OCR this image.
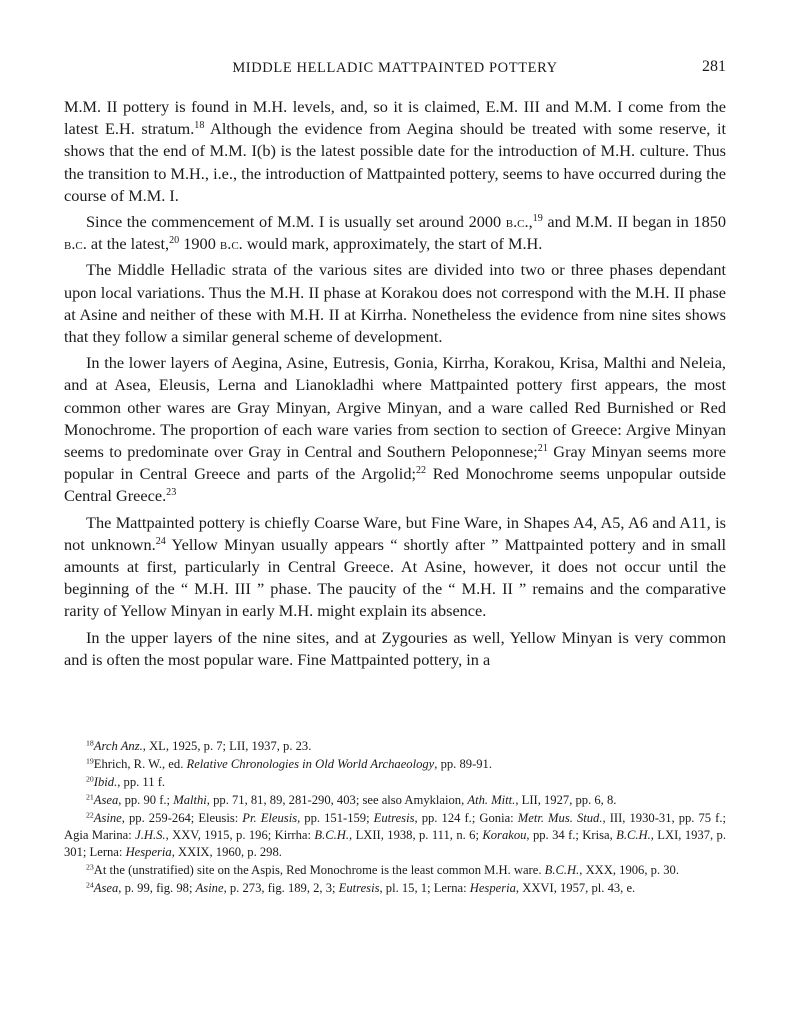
MIDDLE HELLADIC MATTPAINTED POTTERY	281

M.M. II pottery is found in M.H. levels, and, so it is claimed, E.M. III and M.M. I come from the latest E.H. stratum.$^{18}$ Although the evidence from Aegina should be treated with some reserve, it shows that the end of M.M. I(b) is the latest possible date for the introduction of M.H. culture. Thus the transition to M.H., i.e., the introduction of Mattpainted pottery, seems to have occurred during the course of M.M. I.

Since the commencement of M.M. I is usually set around 2000 b.c.,$^{19}$ and M.M. II began in 1850 b.c. at the latest,$^{20}$ 1900 b.c. would mark, approximately, the start of M.H.

The Middle Helladic strata of the various sites are divided into two or three phases dependant upon local variations. Thus the M.H. II phase at Korakou does not correspond with the M.H. II phase at Asine and neither of these with M.H. II at Kirrha. Nonetheless the evidence from nine sites shows that they follow a similar general scheme of development.

In the lower layers of Aegina, Asine, Eutresis, Gonia, Kirrha, Korakou, Krisa, Malthi and Neleia, and at Asea, Eleusis, Lerna and Lianokladhi where Mattpainted pottery first appears, the most common other wares are Gray Minyan, Argive Minyan, and a ware called Red Burnished or Red Monochrome. The proportion of each ware varies from section to section of Greece: Argive Minyan seems to predominate over Gray in Central and Southern Peloponnese;$^{21}$ Gray Minyan seems more popular in Central Greece and parts of the Argolid;$^{22}$ Red Monochrome seems unpopular outside Central Greece.$^{23}$

The Mattpainted pottery is chiefly Coarse Ware, but Fine Ware, in Shapes A4, A5, A6 and A11, is not unknown.$^{24}$ Yellow Minyan usually appears “ shortly after ” Mattpainted pottery and in small amounts at first, particularly in Central Greece. At Asine, however, it does not occur until the beginning of the “ M.H. III ” phase. The paucity of the “ M.H. II ” remains and the comparative rarity of Yellow Minyan in early M.H. might explain its absence.

In the upper layers of the nine sites, and at Zygouries as well, Yellow Minyan is very common and is often the most popular ware. Fine Mattpainted pottery, in a

$^{18}$Arch Anz., XL, 1925, p. 7; LII, 1937, p. 23.
$^{19}$Ehrich, R. W., ed. Relative Chronologies in Old World Archaeology, pp. 89-91.
$^{20}$Ibid., pp. 11 f.
$^{21}$Asea, pp. 90 f.; Malthi, pp. 71, 81, 89, 281-290, 403; see also Amyklaion, Ath. Mitt., LII, 1927, pp. 6, 8.
$^{22}$Asine, pp. 259-264; Eleusis: Pr. Eleusis, pp. 151-159; Eutresis, pp. 124 f.; Gonia: Metr. Mus. Stud., III, 1930-31, pp. 75 f.; Agia Marina: J.H.S., XXV, 1915, p. 196; Kirrha: B.C.H., LXII, 1938, p. 111, n. 6; Korakou, pp. 34 f.; Krisa, B.C.H., LXI, 1937, p. 301; Lerna: Hesperia, XXIX, 1960, p. 298.
$^{23}$At the (unstratified) site on the Aspis, Red Monochrome is the least common M.H. ware. B.C.H., XXX, 1906, p. 30.
$^{24}$Asea, p. 99, fig. 98; Asine, p. 273, fig. 189, 2, 3; Eutresis, pl. 15, 1; Lerna: Hesperia, XXVI, 1957, pl. 43, e.
